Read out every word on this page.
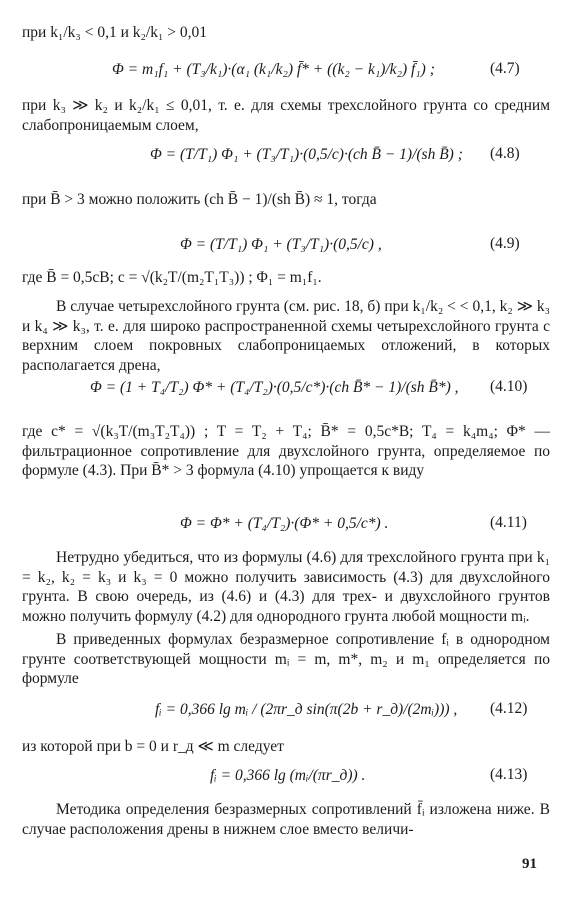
при k₁/k₃ < 0,1 и k₂/k₁ > 0,01
Φ = m₁f₁ + (T₃/k₁)·(α₁ (k₁/k₂) f̄* + ((k₂ − k₁)/k₂) f̄₁) ;	(4.7)
при k₃ ≫ k₂ и k₂/k₁ ≤ 0,01, т. е. для схемы трехслойного грунта со средним слабопроницаемым слоем,
Φ = (T/T₁) Φ₁ + (T₃/T₁)·(0,5/c)·(ch B̄ − 1)/(sh B̄) ; (4.8)
при B̄ > 3 можно положить (ch B̄ − 1)/(sh B̄) ≈ 1, тогда
Φ = (T/T₁) Φ₁ + (T₃/T₁)·(0,5/c) ,	(4.9)
где B̄ = 0,5cB; c = √(k₂T/(m₂T₁T₃)) ; Φ₁ = m₁f₁.
В случае четырехслойного грунта (см. рис. 18, б) при k₁/k₂ < < 0,1, k₂ ≫ k₃ и k₄ ≫ k₃, т. е. для широко распространенной схемы четырехслойного грунта с верхним слоем покровных слабопроницаемых отложений, в которых располагается дрена,
Φ = (1 + T₄/T₂) Φ* + (T₄/T₂)·(0,5/c*)·(ch B̄* − 1)/(sh B̄*) , (4.10)
где c* = √(k₃T/(m₃T₂T₄)) ; T = T₂ + T₄; B̄* = 0,5c*B; T₄ = k₄m₄; Φ* — фильтрационное сопротивление для двухслойного грунта, определяемое по формуле (4.3). При B̄* > 3 формула (4.10) упрощается к виду
Φ = Φ* + (T₄/T₂)·(Φ* + 0,5/c*) .	(4.11)
Нетрудно убедиться, что из формулы (4.6) для трехслойного грунта при k₁ = k₂, k₂ = k₃ и k₃ = 0 можно получить зависимость (4.3) для двухслойного грунта. В свою очередь, из (4.6) и (4.3) для трех- и двухслойного грунтов можно получить формулу (4.2) для однородного грунта любой мощности mᵢ.
В приведенных формулах безразмерное сопротивление fᵢ в однородном грунте соответствующей мощности mᵢ = m, m*, m₂ и m₁ определяется по формуле
fᵢ = 0,366 lg mᵢ / (2πr_д sin(π(2b + r_д)/(2mᵢ))) , (4.12)
из которой при b = 0 и r_д ≪ m следует
fᵢ = 0,366 lg (mᵢ/(πr_д)) .	(4.13)
Методика определения безразмерных сопротивлений f̄ᵢ изложена ниже. В случае расположения дрены в нижнем слое вместо величи-
91
